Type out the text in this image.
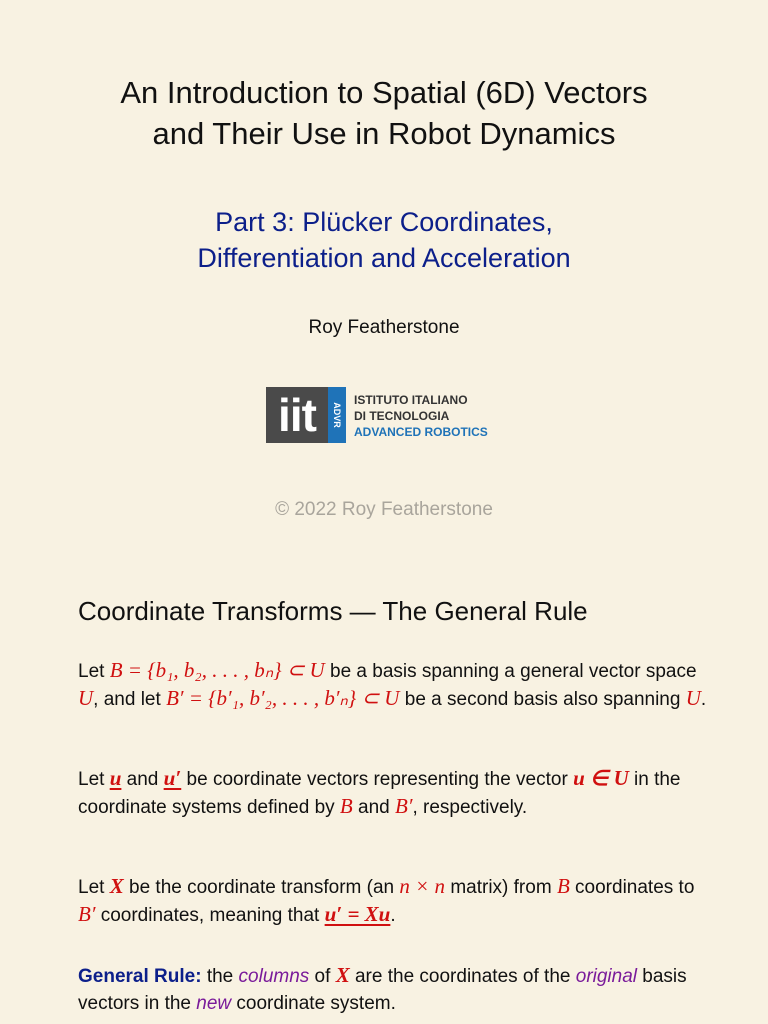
An Introduction to Spatial (6D) Vectors
and Their Use in Robot Dynamics
Part 3: Plücker Coordinates,
Differentiation and Acceleration
Roy Featherstone
iit	ADVR
ISTITUTO ITALIANO
DI TECNOLOGIA
ADVANCED ROBOTICS
© 2022 Roy Featherstone
Coordinate Transforms — The General Rule
Let B = {b₁, b₂, . . . , bₙ} ⊂ U be a basis spanning a general vector space U, and let B′ = {b′₁, b′₂, . . . , b′ₙ} ⊂ U be a second basis also spanning U.
Let u and u′ be coordinate vectors representing the vector u ∈ U in the coordinate systems defined by B and B′, respectively.
Let X be the coordinate transform (an n × n matrix) from B coordinates to B′ coordinates, meaning that u′ = Xu.
General Rule: the columns of X are the coordinates of the original basis vectors in the new coordinate system.
